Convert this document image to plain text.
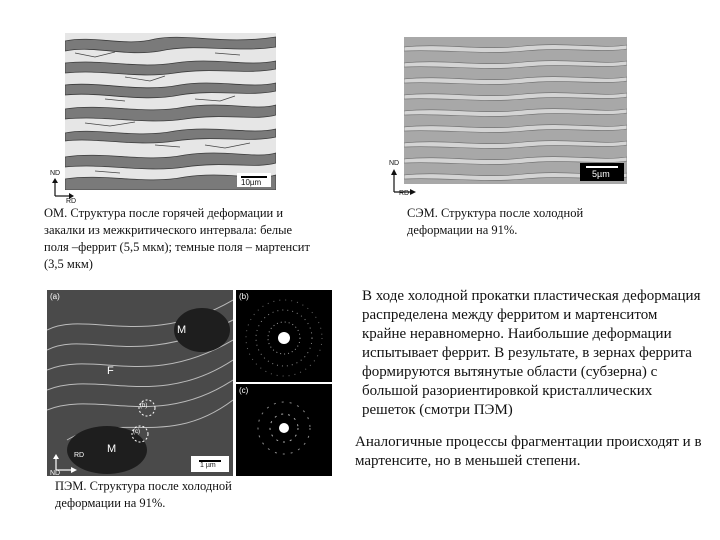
10µm
ND
RD
ОМ. Структура после горячей деформации и закалки из межкритического интервала: белые поля –феррит (5,5 мкм); темные поля – мартенсит (3,5 мкм)
5µm
ND
RD
СЭМ. Структура после холодной деформации на 91%.
(a)
M
F
M
(b)
(c)
1 µm
ND
RD
(b)
(c)
ПЭМ. Структура после холодной деформации на 91%.
В ходе холодной прокатки пластическая деформация распределена между ферритом и мартенситом крайне неравномерно. Наибольшие деформации испытывает феррит. В результате, в зернах феррита формируются вытянутые области (субзерна) с большой разориентировкой кристаллических решеток (смотри ПЭМ)
Аналогичные процессы фрагментации происходят и в мартенсите, но в меньшей степени.
